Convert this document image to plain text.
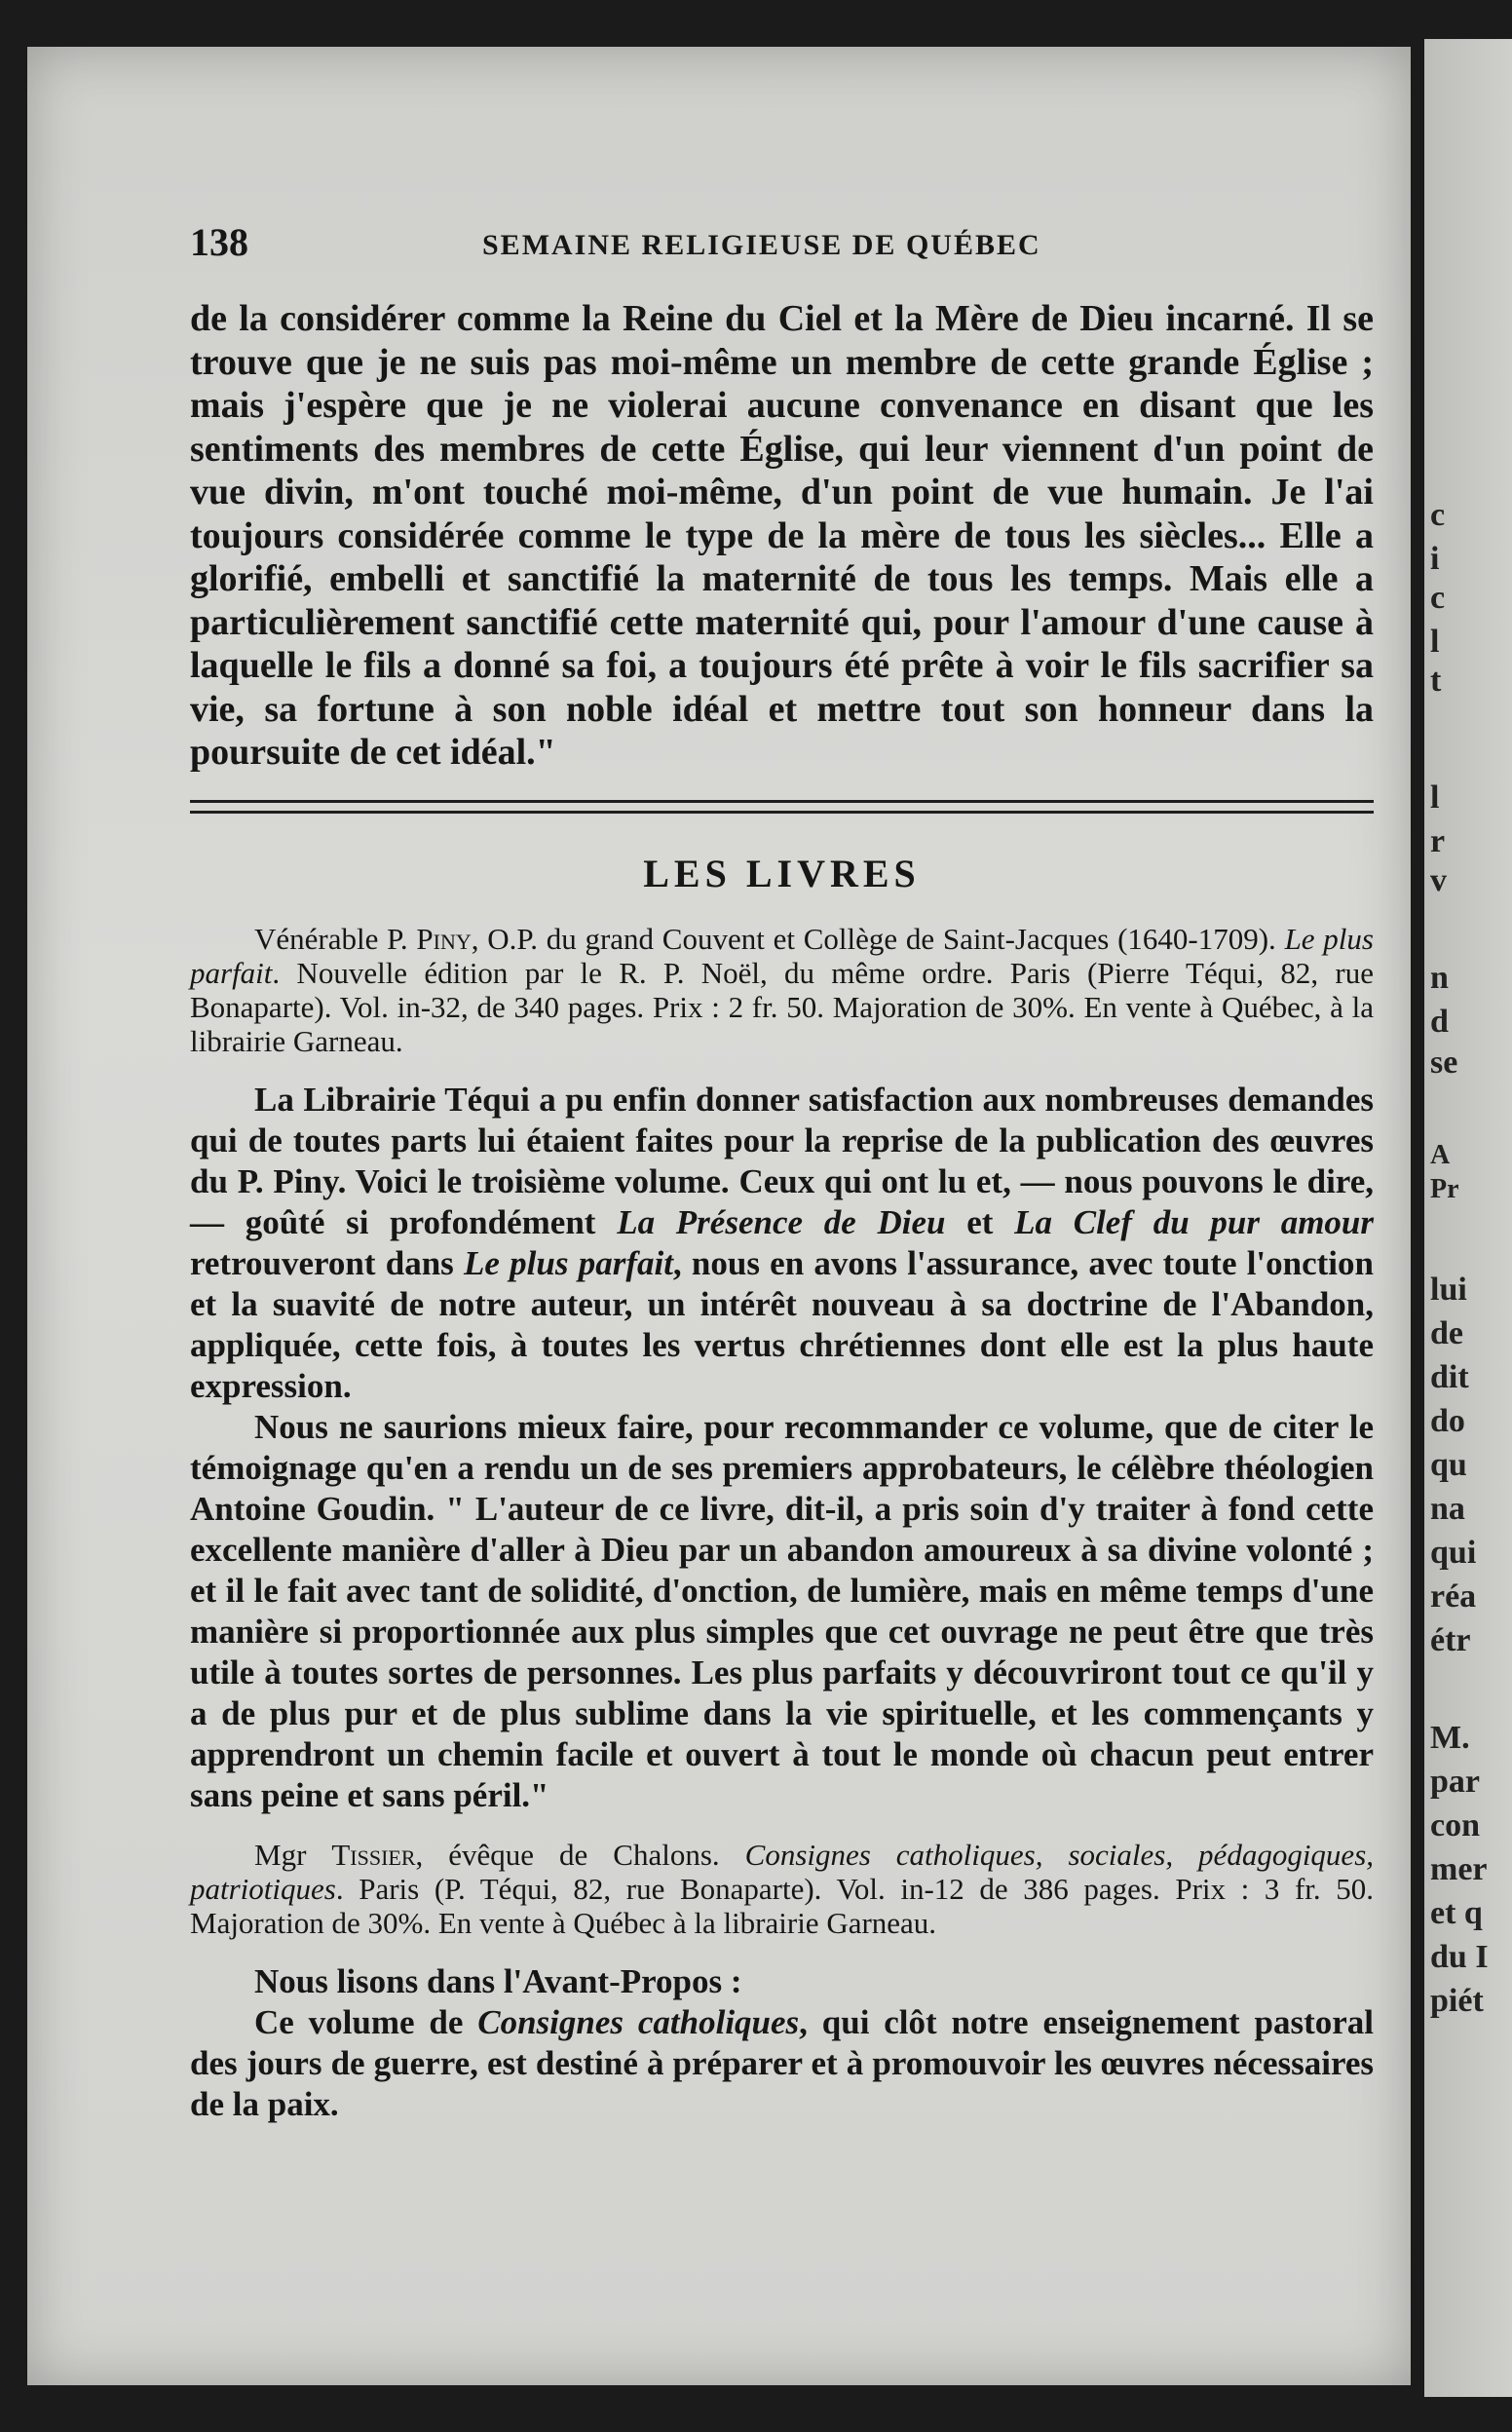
c
i
c
l
t
l
r
v
n
d
se
A
Pr
lui
de
dit
do
qu
na
qui
réa
étr
M.
par
con
mer
et q
du I
piét
138	SEMAINE RELIGIEUSE DE QUÉBEC

de la considérer comme la Reine du Ciel et la Mère de Dieu incarné. Il se trouve que je ne suis pas moi-même un membre de cette grande Église ; mais j'espère que je ne violerai aucune convenance en disant que les sentiments des membres de cette Église, qui leur viennent d'un point de vue divin, m'ont touché moi-même, d'un point de vue humain. Je l'ai toujours considérée comme le type de la mère de tous les siècles... Elle a glorifié, embelli et sanctifié la maternité de tous les temps. Mais elle a particulièrement sanctifié cette maternité qui, pour l'amour d'une cause à laquelle le fils a donné sa foi, a toujours été prête à voir le fils sacrifier sa vie, sa fortune à son noble idéal et mettre tout son honneur dans la poursuite de cet idéal."

LES LIVRES

Vénérable P. Piny, O.P. du grand Couvent et Collège de Saint-Jacques (1640-1709). Le plus parfait. Nouvelle édition par le R. P. Noël, du même ordre. Paris (Pierre Téqui, 82, rue Bonaparte). Vol. in-32, de 340 pages. Prix : 2 fr. 50. Majoration de 30%. En vente à Québec, à la librairie Garneau.

La Librairie Téqui a pu enfin donner satisfaction aux nombreuses demandes qui de toutes parts lui étaient faites pour la reprise de la publication des œuvres du P. Piny. Voici le troisième volume. Ceux qui ont lu et, — nous pouvons le dire, — goûté si profondément La Présence de Dieu et La Clef du pur amour retrouveront dans Le plus parfait, nous en avons l'assurance, avec toute l'onction et la suavité de notre auteur, un intérêt nouveau à sa doctrine de l'Abandon, appliquée, cette fois, à toutes les vertus chrétiennes dont elle est la plus haute expression.

Nous ne saurions mieux faire, pour recommander ce volume, que de citer le témoignage qu'en a rendu un de ses premiers approbateurs, le célèbre théologien Antoine Goudin. " L'auteur de ce livre, dit-il, a pris soin d'y traiter à fond cette excellente manière d'aller à Dieu par un abandon amoureux à sa divine volonté ; et il le fait avec tant de solidité, d'onction, de lumière, mais en même temps d'une manière si proportionnée aux plus simples que cet ouvrage ne peut être que très utile à toutes sortes de personnes. Les plus parfaits y découvriront tout ce qu'il y a de plus pur et de plus sublime dans la vie spirituelle, et les commençants y apprendront un chemin facile et ouvert à tout le monde où chacun peut entrer sans peine et sans péril."

Mgr Tissier, évêque de Chalons. Consignes catholiques, sociales, pédagogiques, patriotiques. Paris (P. Téqui, 82, rue Bonaparte). Vol. in-12 de 386 pages. Prix : 3 fr. 50. Majoration de 30%. En vente à Québec à la librairie Garneau.

Nous lisons dans l'Avant-Propos :

Ce volume de Consignes catholiques, qui clôt notre enseignement pastoral des jours de guerre, est destiné à préparer et à promouvoir les œuvres nécessaires de la paix.
